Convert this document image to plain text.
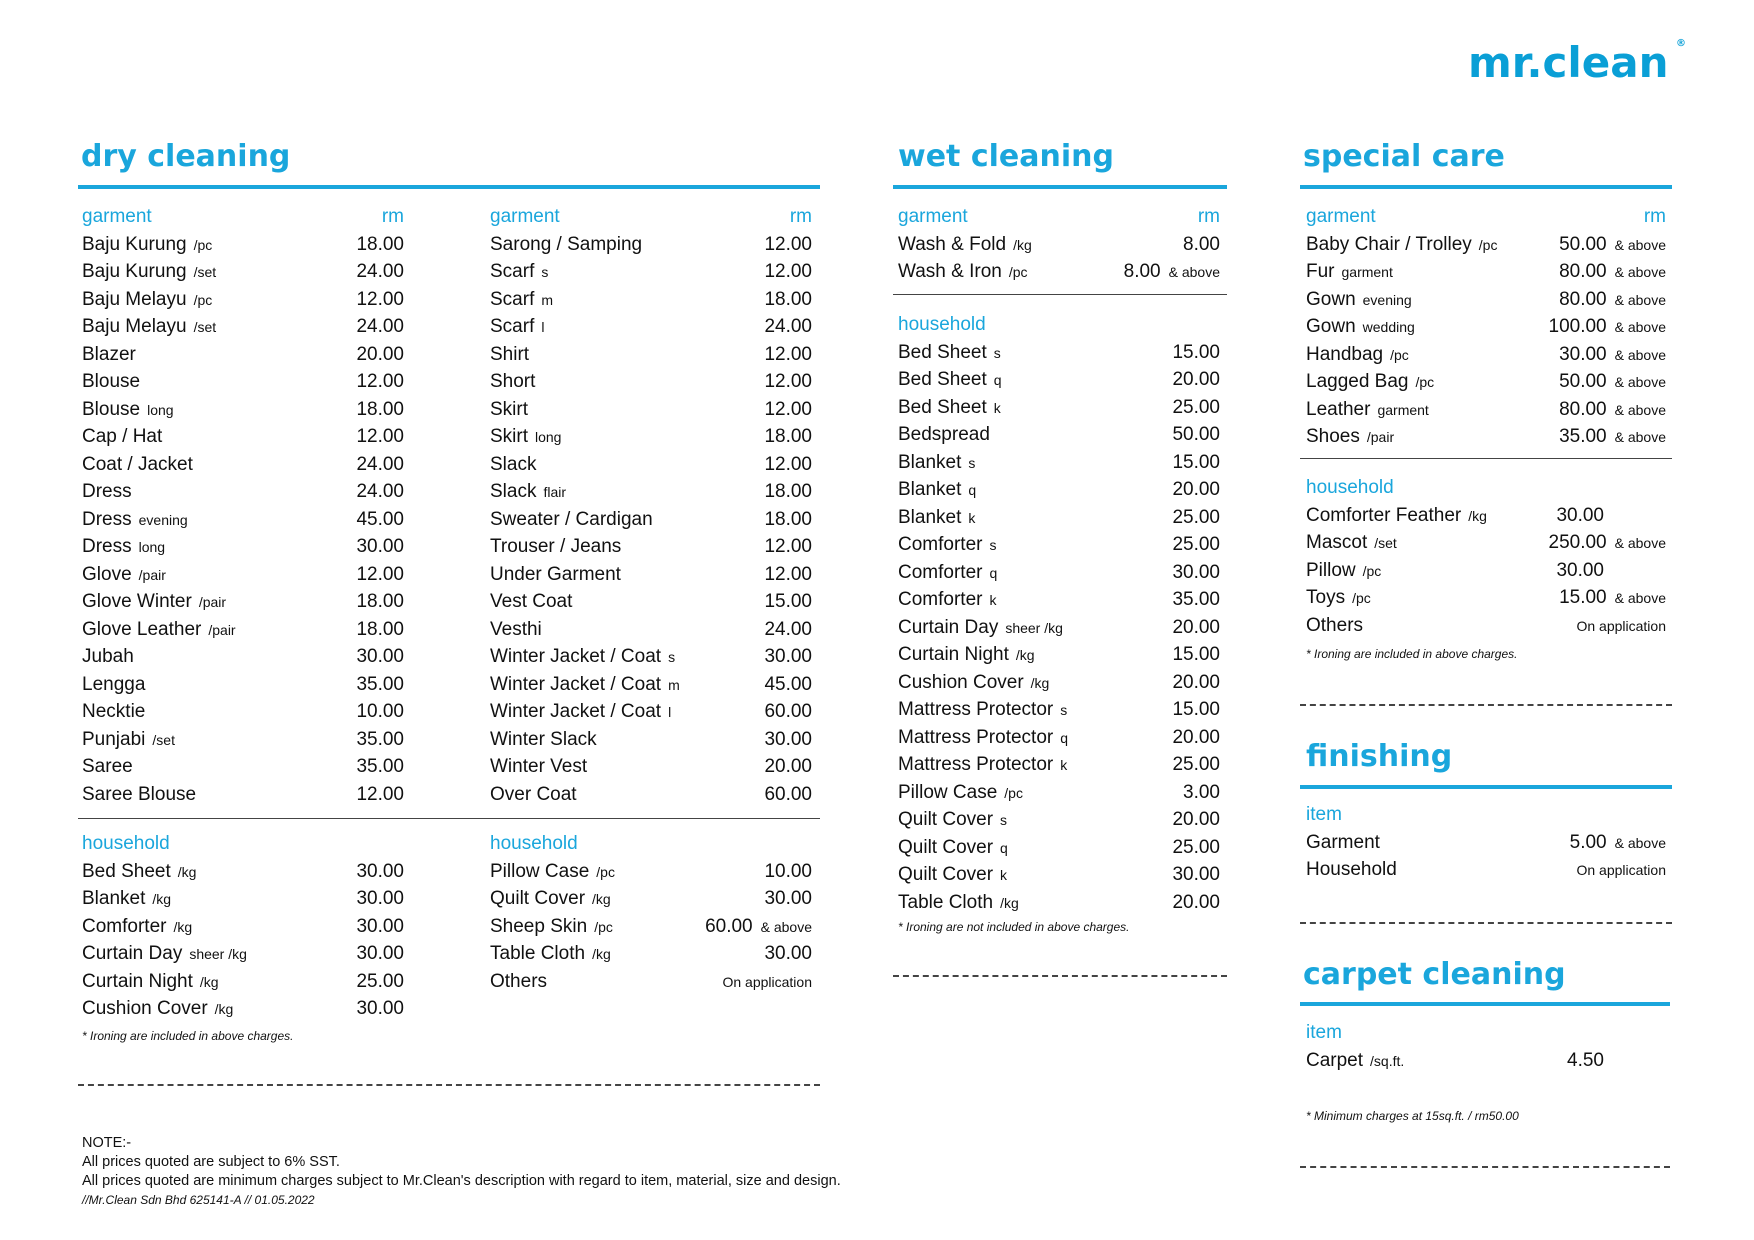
mr.clean ®
dry cleaning
garment	rm
Baju Kurung /pc	18.00
Baju Kurung /set	24.00
Baju Melayu /pc	12.00
Baju Melayu /set	24.00
Blazer	20.00
Blouse	12.00
Blouse long	18.00
Cap / Hat	12.00
Coat / Jacket	24.00
Dress	24.00
Dress evening	45.00
Dress long	30.00
Glove /pair	12.00
Glove Winter /pair	18.00
Glove Leather /pair	18.00
Jubah	30.00
Lengga	35.00
Necktie	10.00
Punjabi /set	35.00
Saree	35.00
Saree Blouse	12.00
garment	rm
Sarong / Samping	12.00
Scarf s	12.00
Scarf m	18.00
Scarf l	24.00
Shirt	12.00
Short	12.00
Skirt	12.00
Skirt long	18.00
Slack	12.00
Slack flair	18.00
Sweater / Cardigan	18.00
Trouser / Jeans	12.00
Under Garment	12.00
Vest Coat	15.00
Vesthi	24.00
Winter Jacket / Coat s	30.00
Winter Jacket / Coat m	45.00
Winter Jacket / Coat l	60.00
Winter Slack	30.00
Winter Vest	20.00
Over Coat	60.00
household
Bed Sheet /kg	30.00
Blanket /kg	30.00
Comforter /kg	30.00
Curtain Day sheer /kg	30.00
Curtain Night /kg	25.00
Cushion Cover /kg	30.00
household
Pillow Case /pc	10.00
Quilt Cover /kg	30.00
Sheep Skin /pc	60.00 & above
Table Cloth /kg	30.00
Others	On application
* Ironing are included in above charges.
wet cleaning
garment	rm
Wash & Fold /kg	8.00
Wash & Iron /pc	8.00 & above
household
Bed Sheet s	15.00
Bed Sheet q	20.00
Bed Sheet k	25.00
Bedspread	50.00
Blanket s	15.00
Blanket q	20.00
Blanket k	25.00
Comforter s	25.00
Comforter q	30.00
Comforter k	35.00
Curtain Day sheer /kg	20.00
Curtain Night /kg	15.00
Cushion Cover /kg	20.00
Mattress Protector s	15.00
Mattress Protector q	20.00
Mattress Protector k	25.00
Pillow Case /pc	3.00
Quilt Cover s	20.00
Quilt Cover q	25.00
Quilt Cover k	30.00
Table Cloth /kg	20.00
* Ironing are not included in above charges.
special care
garment	rm
Baby Chair / Trolley /pc	50.00 & above
Fur garment	80.00 & above
Gown evening	80.00 & above
Gown wedding	100.00 & above
Handbag /pc	30.00 & above
Lagged Bag /pc	50.00 & above
Leather garment	80.00 & above
Shoes /pair	35.00 & above
household
Comforter Feather /kg	30.00
Mascot /set	250.00 & above
Pillow /pc	30.00
Toys /pc	15.00 & above
Others	On application
* Ironing are included in above charges.
finishing
item
Garment	5.00 & above
Household	On application
carpet cleaning
item
Carpet /sq.ft.	4.50
* Minimum charges at 15sq.ft. / rm50.00
NOTE:-
All prices quoted are subject to 6% SST.
All prices quoted are minimum charges subject to Mr.Clean's description with regard to item, material, size and design.
//Mr.Clean Sdn Bhd 625141-A // 01.05.2022
